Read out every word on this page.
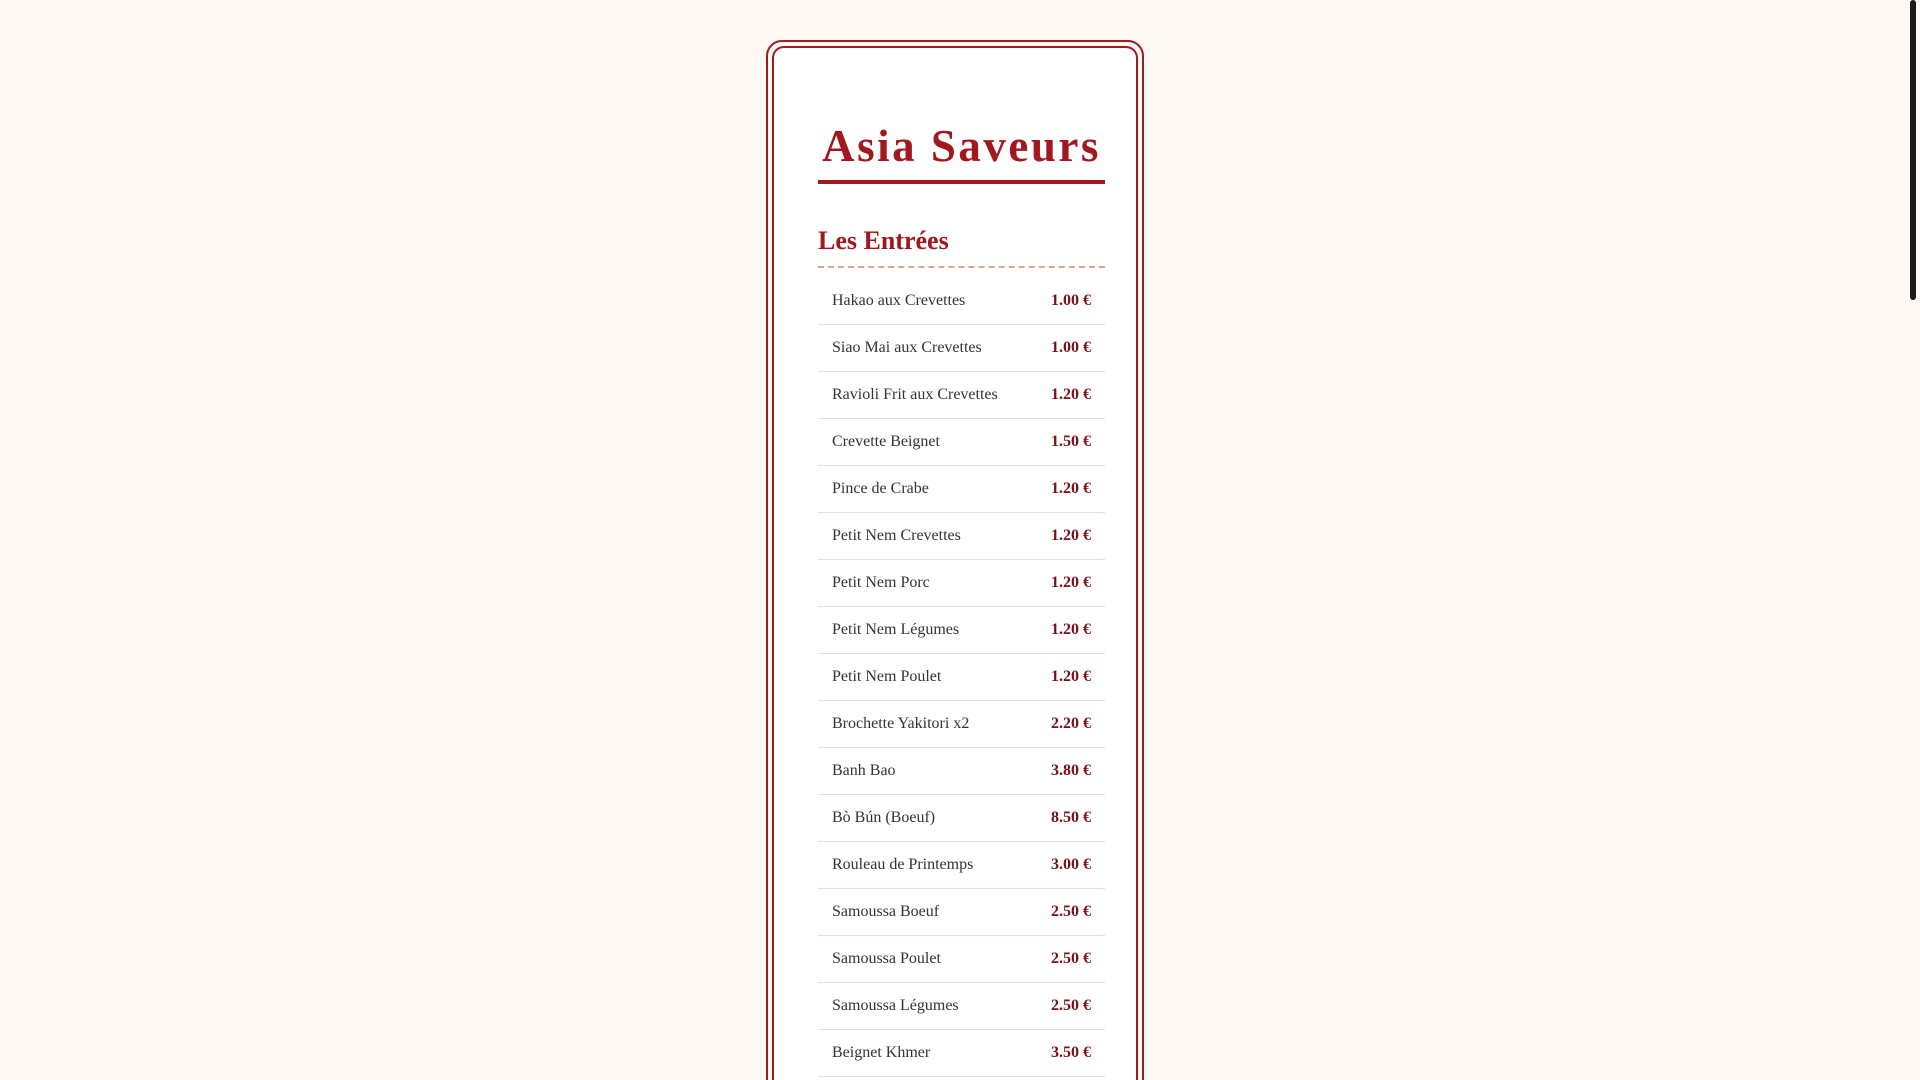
Asia Saveurs
Les Entrées
Hakao aux Crevettes	1.00 €
Siao Mai aux Crevettes	1.00 €
Ravioli Frit aux Crevettes	1.20 €
Crevette Beignet	1.50 €
Pince de Crabe	1.20 €
Petit Nem Crevettes	1.20 €
Petit Nem Porc	1.20 €
Petit Nem Légumes	1.20 €
Petit Nem Poulet	1.20 €
Brochette Yakitori x2	2.20 €
Banh Bao	3.80 €
Bò Bún (Boeuf)	8.50 €
Rouleau de Printemps	3.00 €
Samoussa Boeuf	2.50 €
Samoussa Poulet	2.50 €
Samoussa Légumes	2.50 €
Beignet Khmer	3.50 €
